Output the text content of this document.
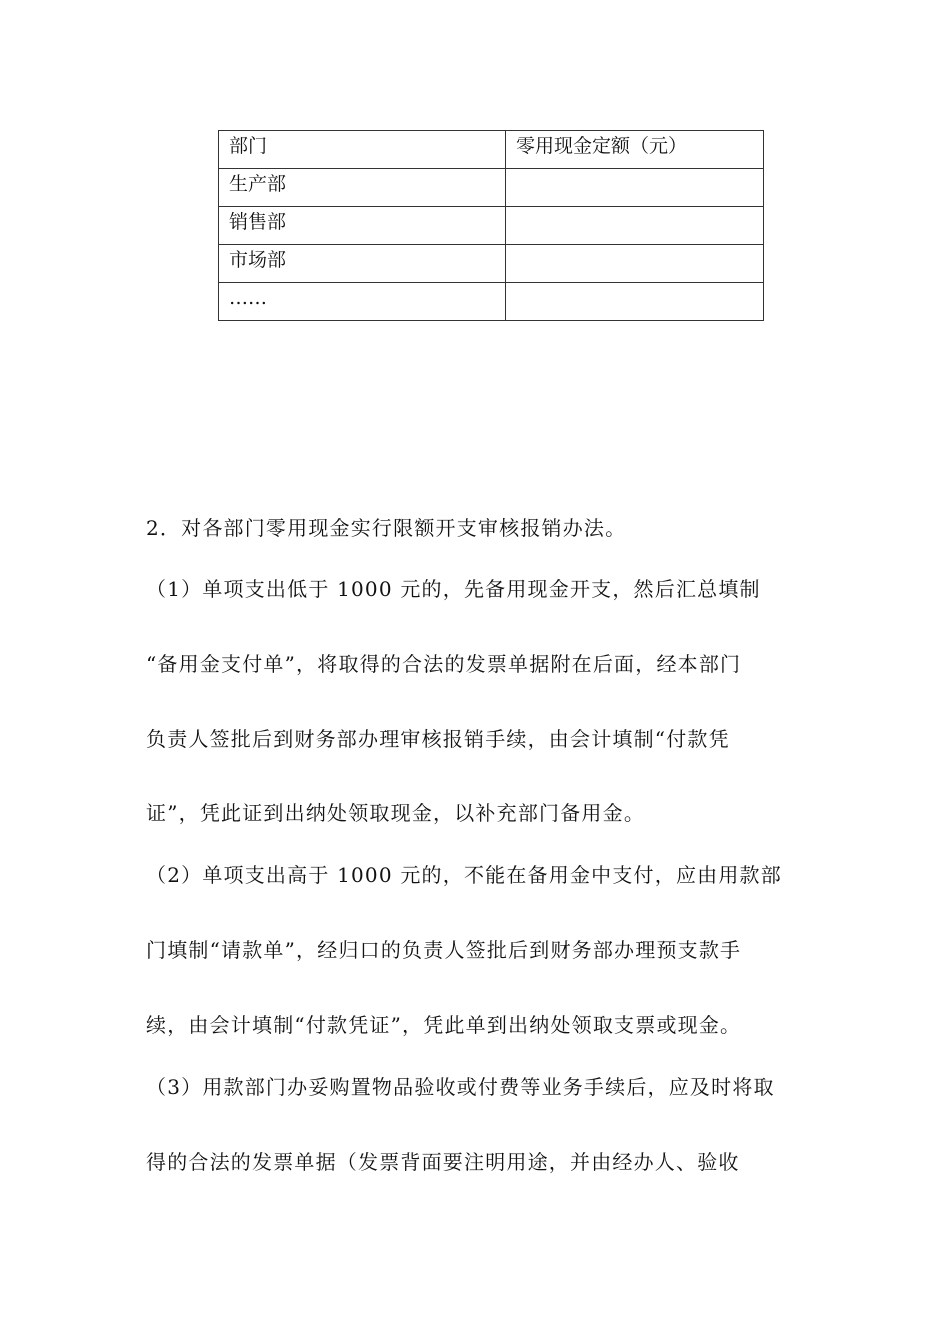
部门	零用现金定额（元）
生产部	
销售部	
市场部	
……	
2．对各部门零用现金实行限额开支审核报销办法。
（1）单项支出低于 1000 元的，先备用现金开支，然后汇总填制
“备用金支付单”，将取得的合法的发票单据附在后面，经本部门
负责人签批后到财务部办理审核报销手续，由会计填制“付款凭
证”，凭此证到出纳处领取现金，以补充部门备用金。
（2）单项支出高于 1000 元的，不能在备用金中支付，应由用款部
门填制“请款单”，经归口的负责人签批后到财务部办理预支款手
续，由会计填制“付款凭证”，凭此单到出纳处领取支票或现金。
（3）用款部门办妥购置物品验收或付费等业务手续后，应及时将取
得的合法的发票单据（发票背面要注明用途，并由经办人、验收
